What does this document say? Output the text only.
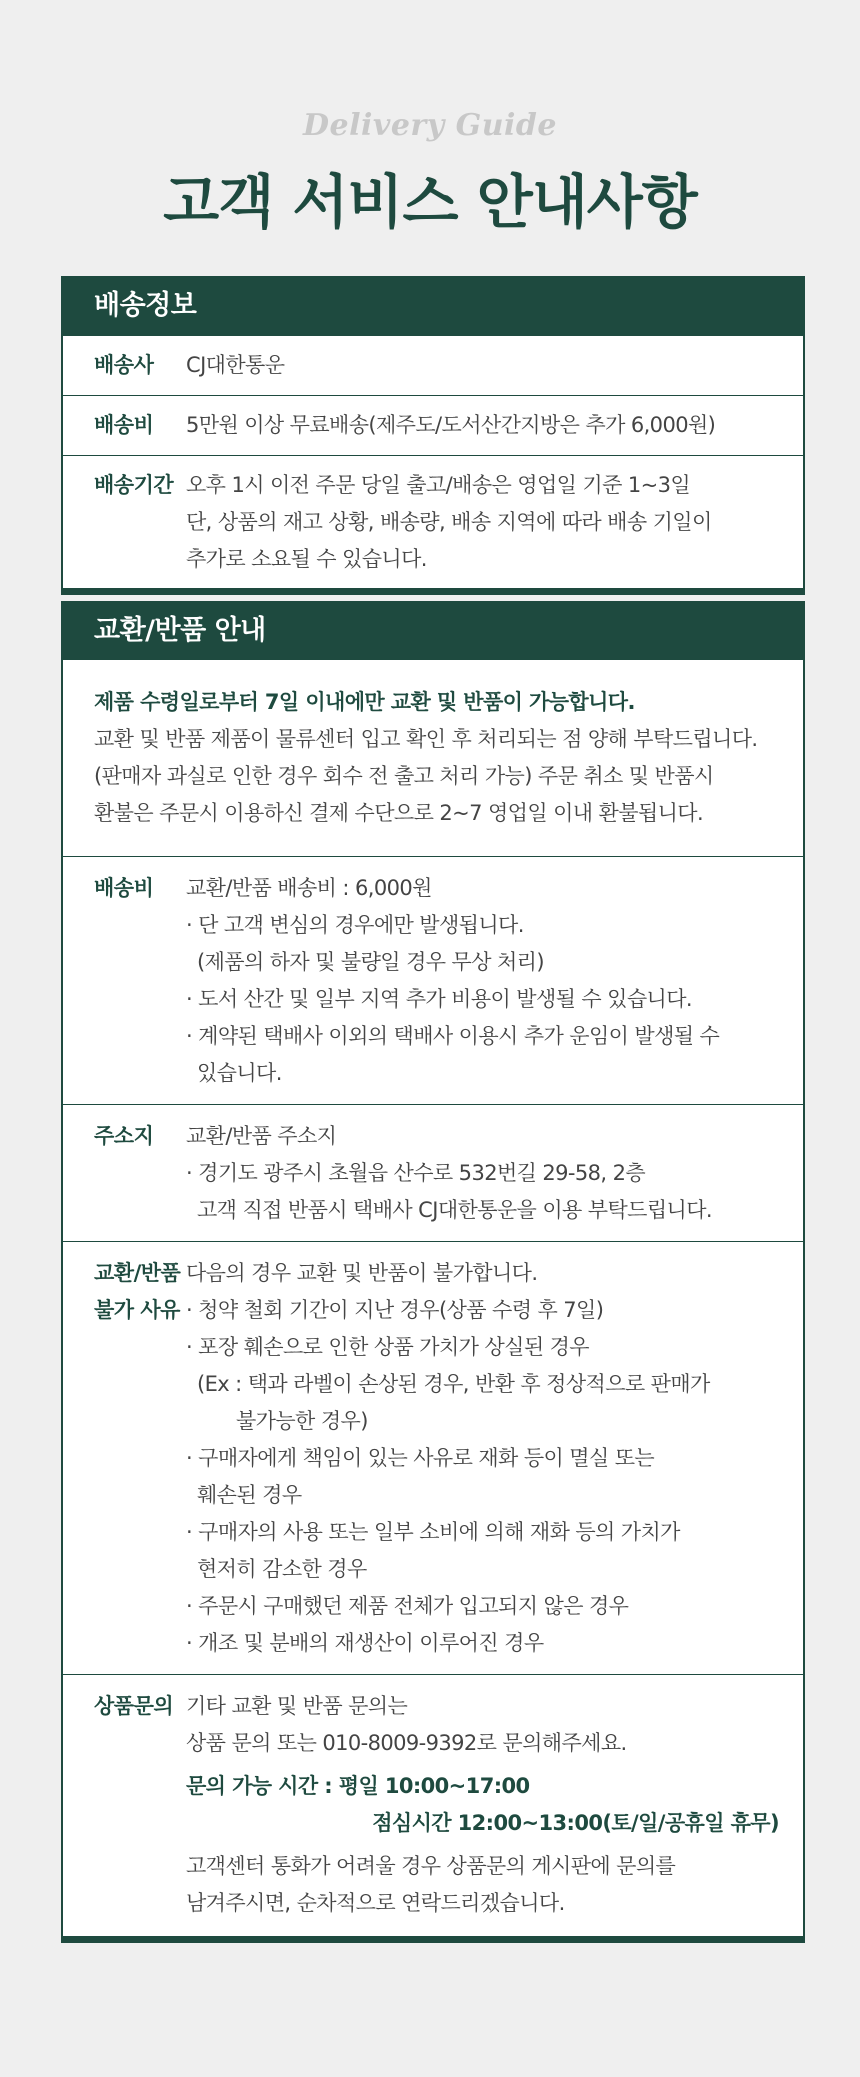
Delivery Guide
고객 서비스 안내사항
배송정보
배송사	CJ대한통운

배송비	5만원 이상 무료배송(제주도/도서산간지방은 추가 6,000원)

배송기간 오후 1시 이전 주문 당일 출고/배송은 영업일 기준 1~3일

단, 상품의 재고 상황, 배송량, 배송 지역에 따라 배송 기일이

추가로 소요될 수 있습니다.

교환/반품 안내

제품 수령일로부터 7일 이내에만 교환 및 반품이 가능합니다.

교환 및 반품 제품이 물류센터 입고 확인 후 처리되는 점 양해 부탁드립니다.

(판매자 과실로 인한 경우 회수 전 출고 처리 가능) 주문 취소 및 반품시

환불은 주문시 이용하신 결제 수단으로 2~7 영업일 이내 환불됩니다.

배송비	교환/반품 배송비 : 6,000원

· 단 고객 변심의 경우에만 발생됩니다.

(제품의 하자 및 불량일 경우 무상 처리)

· 도서 산간 및 일부 지역 추가 비용이 발생될 수 있습니다.

· 계약된 택배사 이외의 택배사 이용시 추가 운임이 발생될 수

있습니다.

주소지	교환/반품 주소지

· 경기도 광주시 초월읍 산수로 532번길 29-58, 2층

고객 직접 반품시 택배사 CJ대한통운을 이용 부탁드립니다.

교환/반품
불가 사유

다음의 경우 교환 및 반품이 불가합니다.

· 청약 철회 기간이 지난 경우(상품 수령 후 7일)

· 포장 훼손으로 인한 상품 가치가 상실된 경우

(Ex : 택과 라벨이 손상된 경우, 반환 후 정상적으로 판매가

불가능한 경우)

· 구매자에게 책임이 있는 사유로 재화 등이 멸실 또는

훼손된 경우

· 구매자의 사용 또는 일부 소비에 의해 재화 등의 가치가

현저히 감소한 경우

· 주문시 구매했던 제품 전체가 입고되지 않은 경우

· 개조 및 분배의 재생산이 이루어진 경우

상품문의 기타 교환 및 반품 문의는

상품 문의 또는 010-8009-9392로 문의해주세요.

문의 가능 시간 : 평일 10:00~17:00

점심시간 12:00~13:00(토/일/공휴일 휴무)

고객센터 통화가 어려울 경우 상품문의 게시판에 문의를

남겨주시면, 순차적으로 연락드리겠습니다.
